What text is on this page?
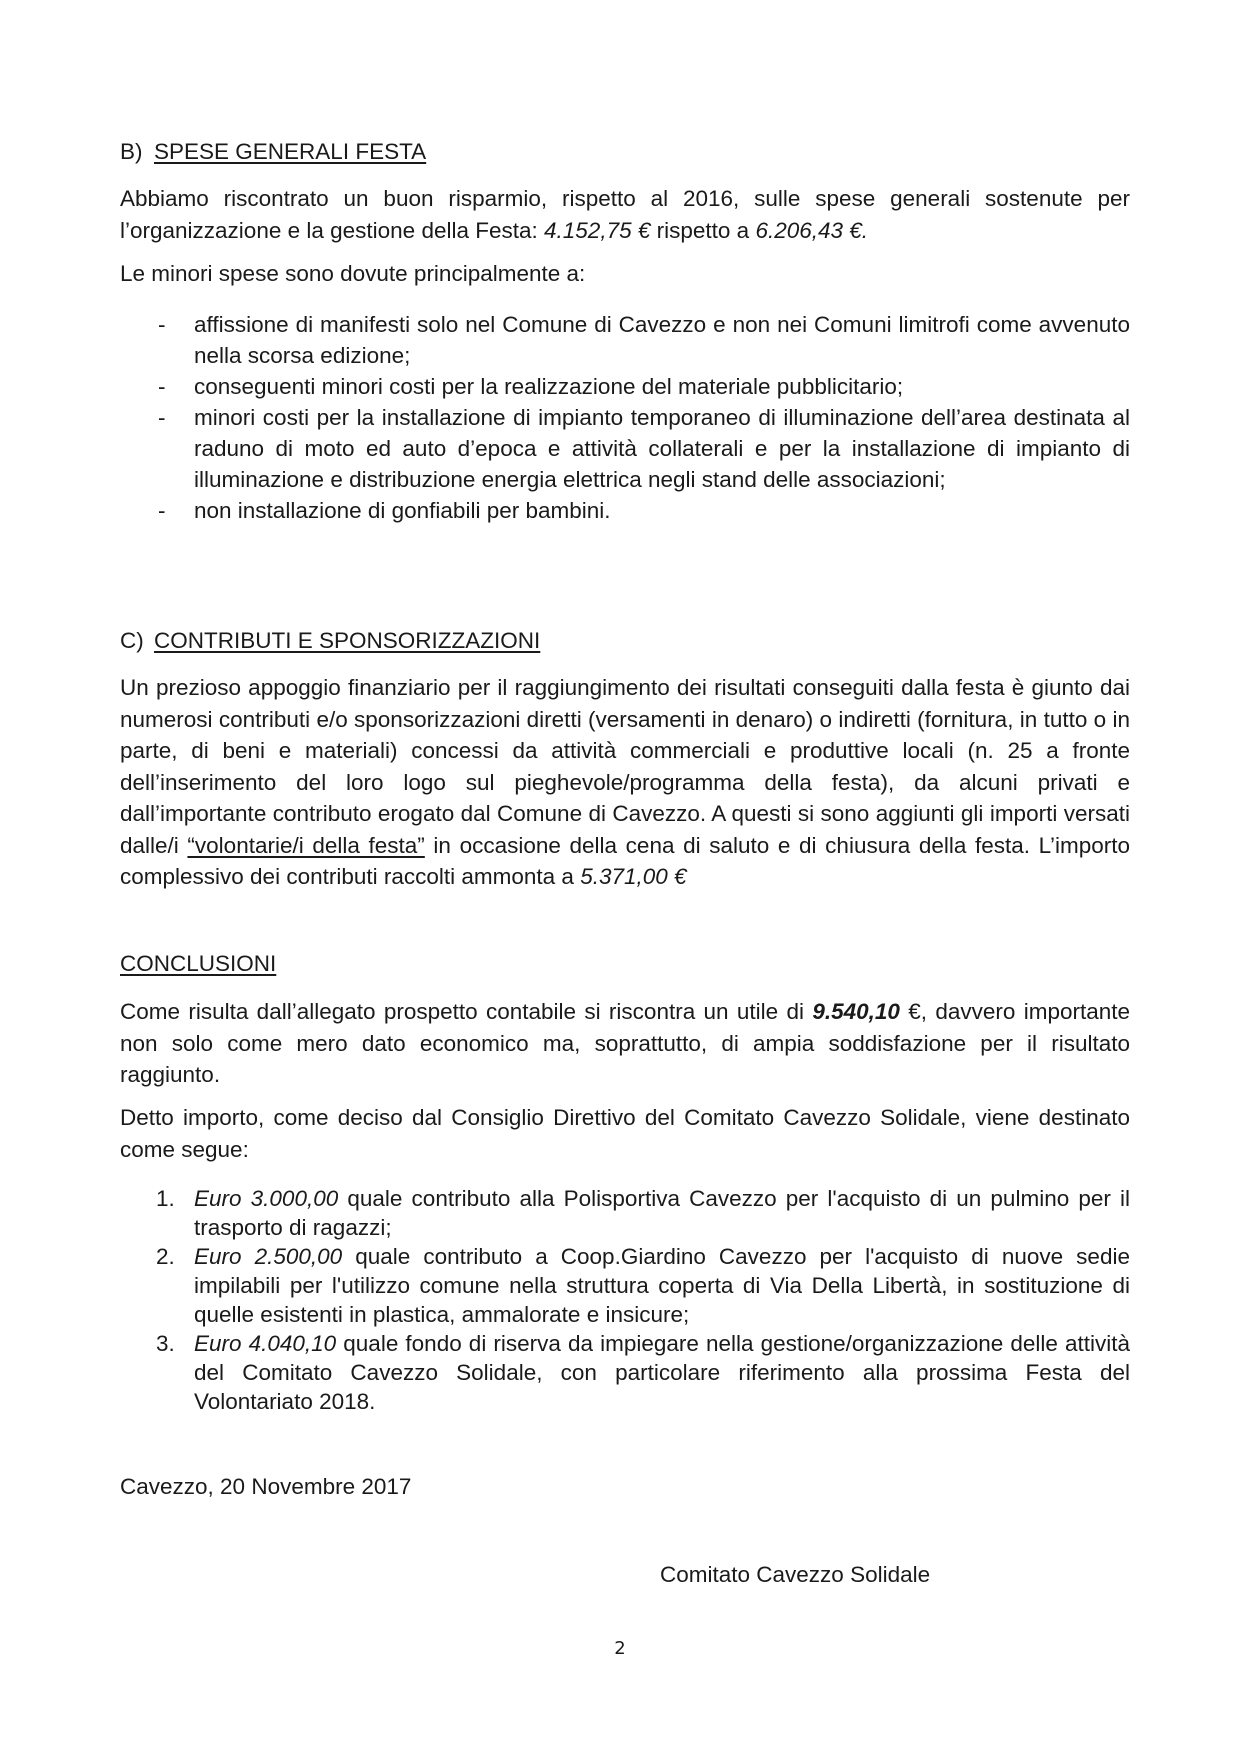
B) SPESE GENERALI FESTA

Abbiamo riscontrato un buon risparmio, rispetto al 2016, sulle spese generali sostenute per l’organizzazione e la gestione della Festa: 4.152,75 € rispetto a 6.206,43 €.

Le minori spese sono dovute principalmente a:

- affissione di manifesti solo nel Comune di Cavezzo e non nei Comuni limitrofi come avvenuto nella scorsa edizione;
- conseguenti minori costi per la realizzazione del materiale pubblicitario;
- minori costi per la installazione di impianto temporaneo di illuminazione dell’area destinata al raduno di moto ed auto d’epoca e attività collaterali e per la installazione di impianto di illuminazione e distribuzione energia elettrica negli stand delle associazioni;
- non installazione di gonfiabili per bambini.
C) CONTRIBUTI E SPONSORIZZAZIONI

Un prezioso appoggio finanziario per il raggiungimento dei risultati conseguiti dalla festa è giunto dai numerosi contributi e/o sponsorizzazioni diretti (versamenti in denaro) o indiretti (fornitura, in tutto o in parte, di beni e materiali) concessi da attività commerciali e produttive locali (n. 25 a fronte dell’inserimento del loro logo sul pieghevole/programma della festa), da alcuni privati e dall’importante contributo erogato dal Comune di Cavezzo. A questi si sono aggiunti gli importi versati dalle/i “volontarie/i della festa” in occasione della cena di saluto e di chiusura della festa. L’importo complessivo dei contributi raccolti ammonta a 5.371,00 €

CONCLUSIONI

Come risulta dall’allegato prospetto contabile si riscontra un utile di 9.540,10 €, davvero importante non solo come mero dato economico ma, soprattutto, di ampia soddisfazione per il risultato raggiunto.

Detto importo, come deciso dal Consiglio Direttivo del Comitato Cavezzo Solidale, viene destinato come segue:

1. Euro 3.000,00 quale contributo alla Polisportiva Cavezzo per l'acquisto di un pulmino per il trasporto di ragazzi;
2. Euro 2.500,00 quale contributo a Coop.Giardino Cavezzo per l'acquisto di nuove sedie impilabili per l'utilizzo comune nella struttura coperta di Via Della Libertà, in sostituzione di quelle esistenti in plastica, ammalorate e insicure;
3. Euro 4.040,10 quale fondo di riserva da impiegare nella gestione/organizzazione delle attività del Comitato Cavezzo Solidale, con particolare riferimento alla prossima Festa del Volontariato 2018.

Cavezzo, 20 Novembre 2017

Comitato Cavezzo Solidale
2
